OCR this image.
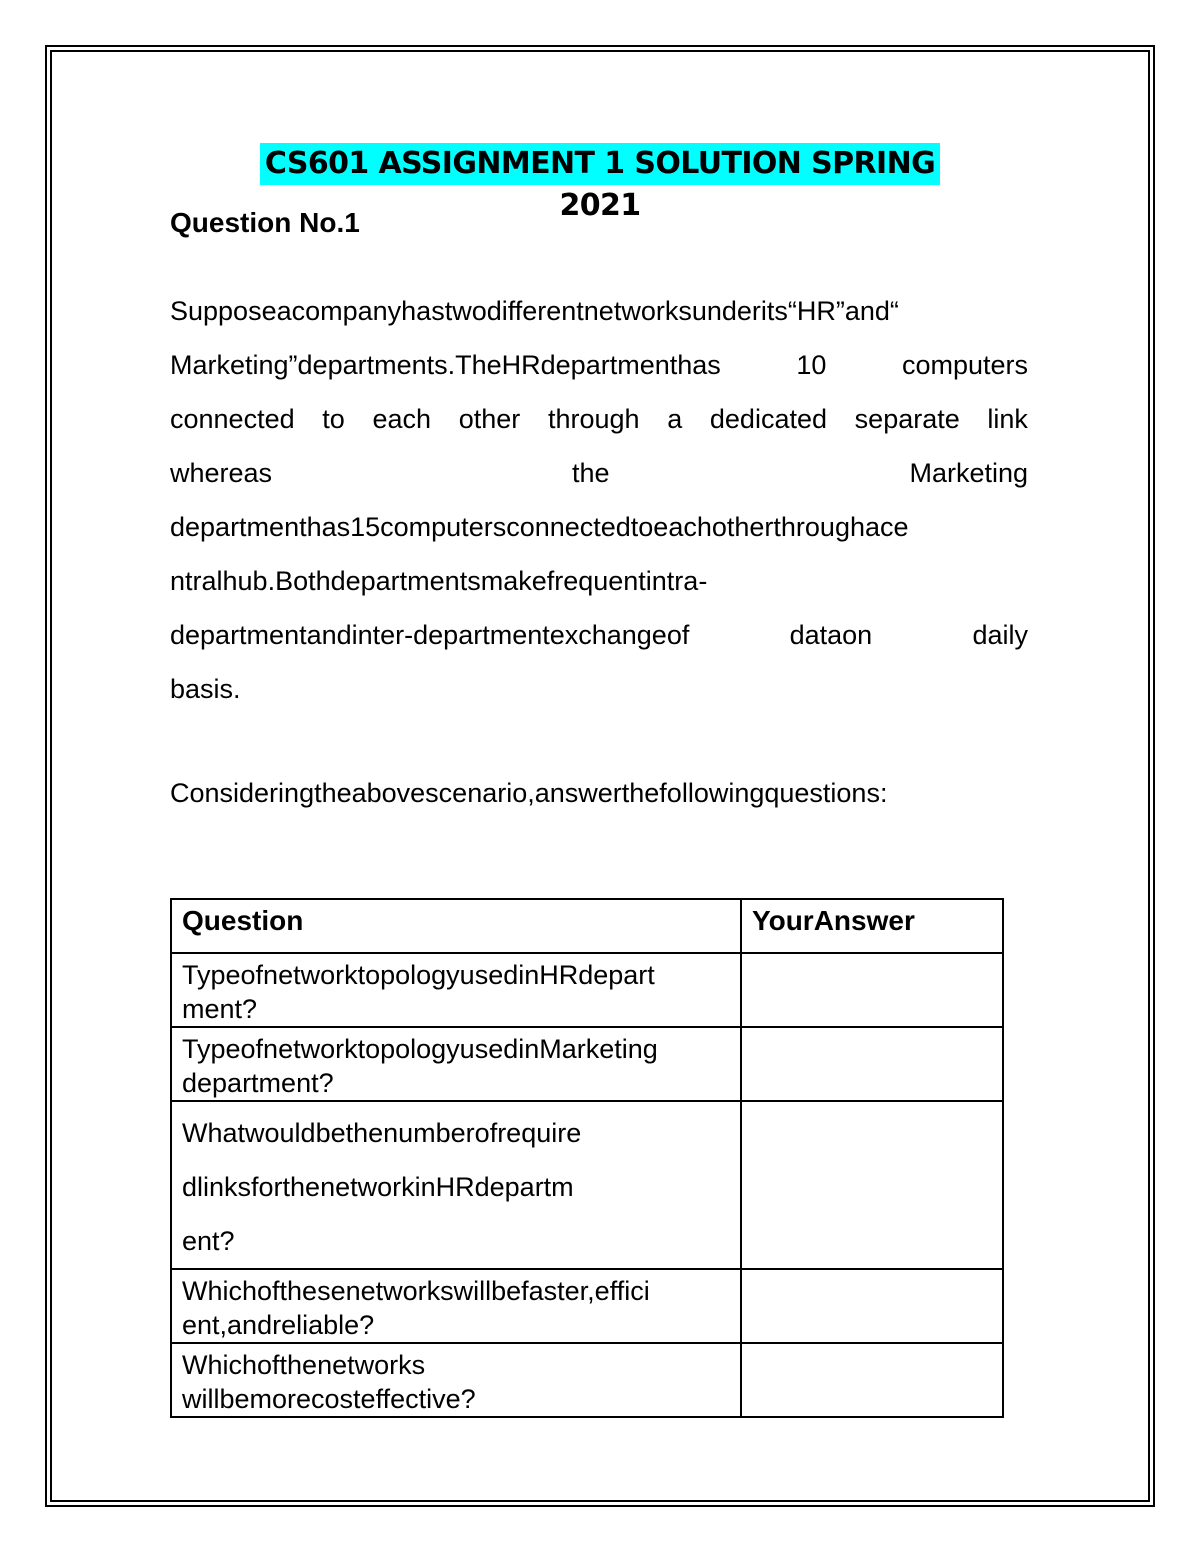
CS601 ASSIGNMENT 1 SOLUTION SPRING 2021
Question No.1
Supposeacompanyhastwodifferentnetworksunderits“HR”and“
Marketing”departments.TheHRdepartmenthas	10	computers
connected to each other through a dedicated separate link
whereas	the	Marketing
departmenthas15computersconnectedtoeachotherthroughace
ntralhub.Bothdepartmentsmakefrequentintra-
departmentandinter-departmentexchangeof	dataon	daily
basis.
Consideringtheabovescenario,answerthefollowingquestions:
Question	YourAnswer

TypeofnetworktopologyusedinHRdepart
ment?	

TypeofnetworktopologyusedinMarketing
department?	

Whatwouldbethenumberofrequire
dlinksforthenetworkinHRdepartm
ent?	

Whichofthesenetworkswillbefaster,effici
ent,andreliable?	

Whichofthenetworks
willbemorecosteffective?	
